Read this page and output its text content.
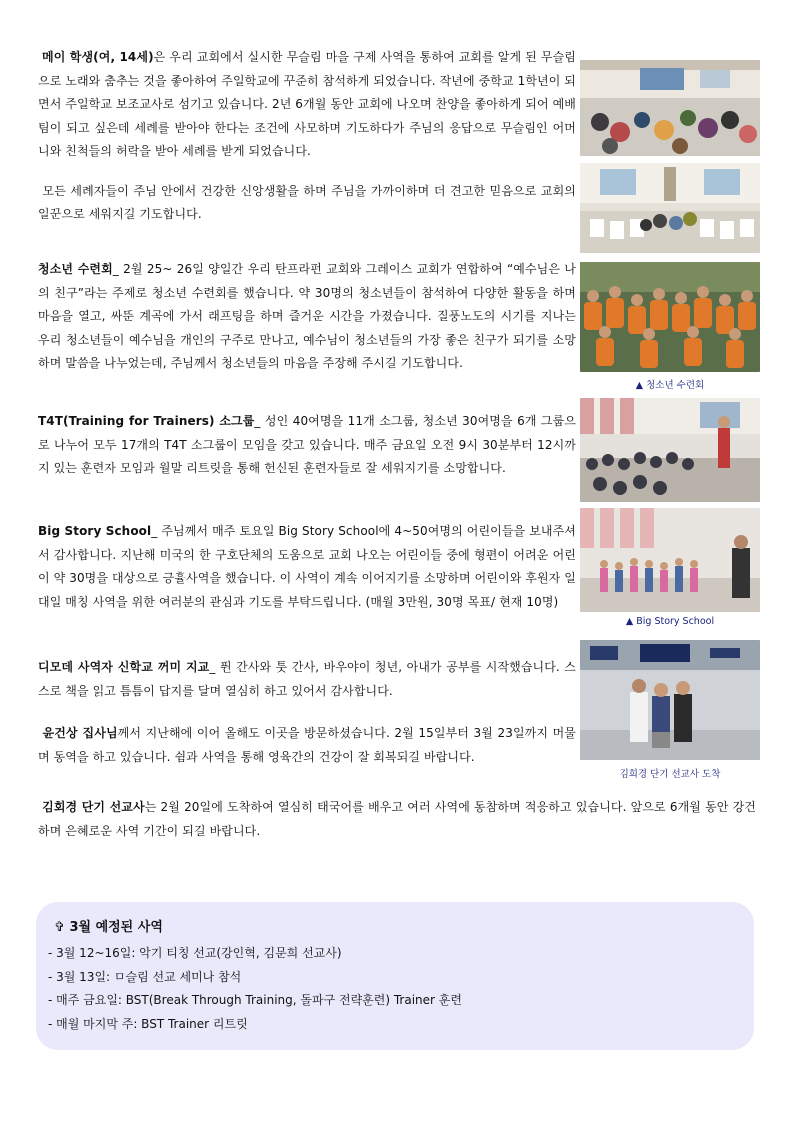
메이 학생(여, 14세)은 우리 교회에서 실시한 무슬림 마을 구제 사역을 통하여 교회를 알게 된 무슬림으로 노래와 춤추는 것을 좋아하여 주일학교에 꾸준히 참석하게 되었습니다. 작년에 중학교 1학년이 되면서 주일학교 보조교사로 섬기고 있습니다. 2년 6개월 동안 교회에 나오며 찬양을 좋아하게 되어 예배팀이 되고 싶은데 세례를 받아야 한다는 조건에 사모하며 기도하다가 주님의 응답으로 무슬림인 어머니와 친척들의 허락을 받아 세례를 받게 되었습니다.

모든 세례자들이 주님 안에서 건강한 신앙생활을 하며 주님을 가까이하며 더 견고한 믿음으로 교회의 일꾼으로 세워지길 기도합니다.

청소년 수련회_ 2월 25~ 26일 양일간 우리 탄프라펀 교회와 그레이스 교회가 연합하여 “예수님은 나의 친구”라는 주제로 청소년 수련회를 했습니다. 약 30명의 청소년들이 참석하여 다양한 활동을 하며 마음을 열고, 싸뚠 계곡에 가서 래프팅을 하며 즐거운 시간을 가졌습니다. 질풍노도의 시기를 지나는 우리 청소년들이 예수님을 개인의 구주로 만나고, 예수님이 청소년들의 가장 좋은 친구가 되기를 소망하며 말씀을 나누었는데, 주님께서 청소년들의 마음을 주장해 주시길 기도합니다.

▲ 청소년 수련회

T4T(Training for Trainers) 소그룹_ 성인 40여명을 11개 소그룹, 청소년 30여명을 6개 그룹으로 나누어 모두 17개의 T4T 소그룹이 모임을 갖고 있습니다. 매주 금요일 오전 9시 30분부터 12시까지 있는 훈련자 모임과 월말 리트릿을 통해 헌신된 훈련자들로 잘 세워지기를 소망합니다.

Big Story School_ 주님께서 매주 토요일 Big Story School에 4~50여명의 어린이들을 보내주셔서 감사합니다. 지난해 미국의 한 구호단체의 도움으로 교회 나오는 어린이들 중에 형편이 어려운 어린이 약 30명을 대상으로 긍휼사역을 했습니다. 이 사역이 계속 이어지기를 소망하며 어린이와 후원자 일대일 매칭 사역을 위한 여러분의 관심과 기도를 부탁드립니다. (매월 3만원, 30명 목표/ 현재 10명)

▲ Big Story School

디모데 사역자 신학교 꺼미 지교_ 퓐 간사와 툿 간사, 바우야이 청년, 아내가 공부를 시작했습니다. 스스로 책을 읽고 틈틈이 답지를 달며 열심히 하고 있어서 감사합니다.

윤건상 집사님께서 지난해에 이어 올해도 이곳을 방문하셨습니다. 2월 15일부터 3월 23일까지 머물며 동역을 하고 있습니다. 쉼과 사역을 통해 영육간의 건강이 잘 회복되길 바랍니다.

김희경 단기 선교사 도착

김회경 단기 선교사는 2월 20일에 도착하여 열심히 태국어를 배우고 여러 사역에 동참하며 적응하고 있습니다. 앞으로 6개월 동안 강건하며 은혜로운 사역 기간이 되길 바랍니다.

✞ 3월 예정된 사역
- 3월 12~16일: 악기 티칭 선교(강인혁, 김문희 선교사)
- 3월 13일: ㅁ슬림 선교 세미나 참석
- 매주 금요일: BST(Break Through Training, 돌파구 전략훈련) Trainer 훈련
- 매월 마지막 주: BST Trainer 리트릿
